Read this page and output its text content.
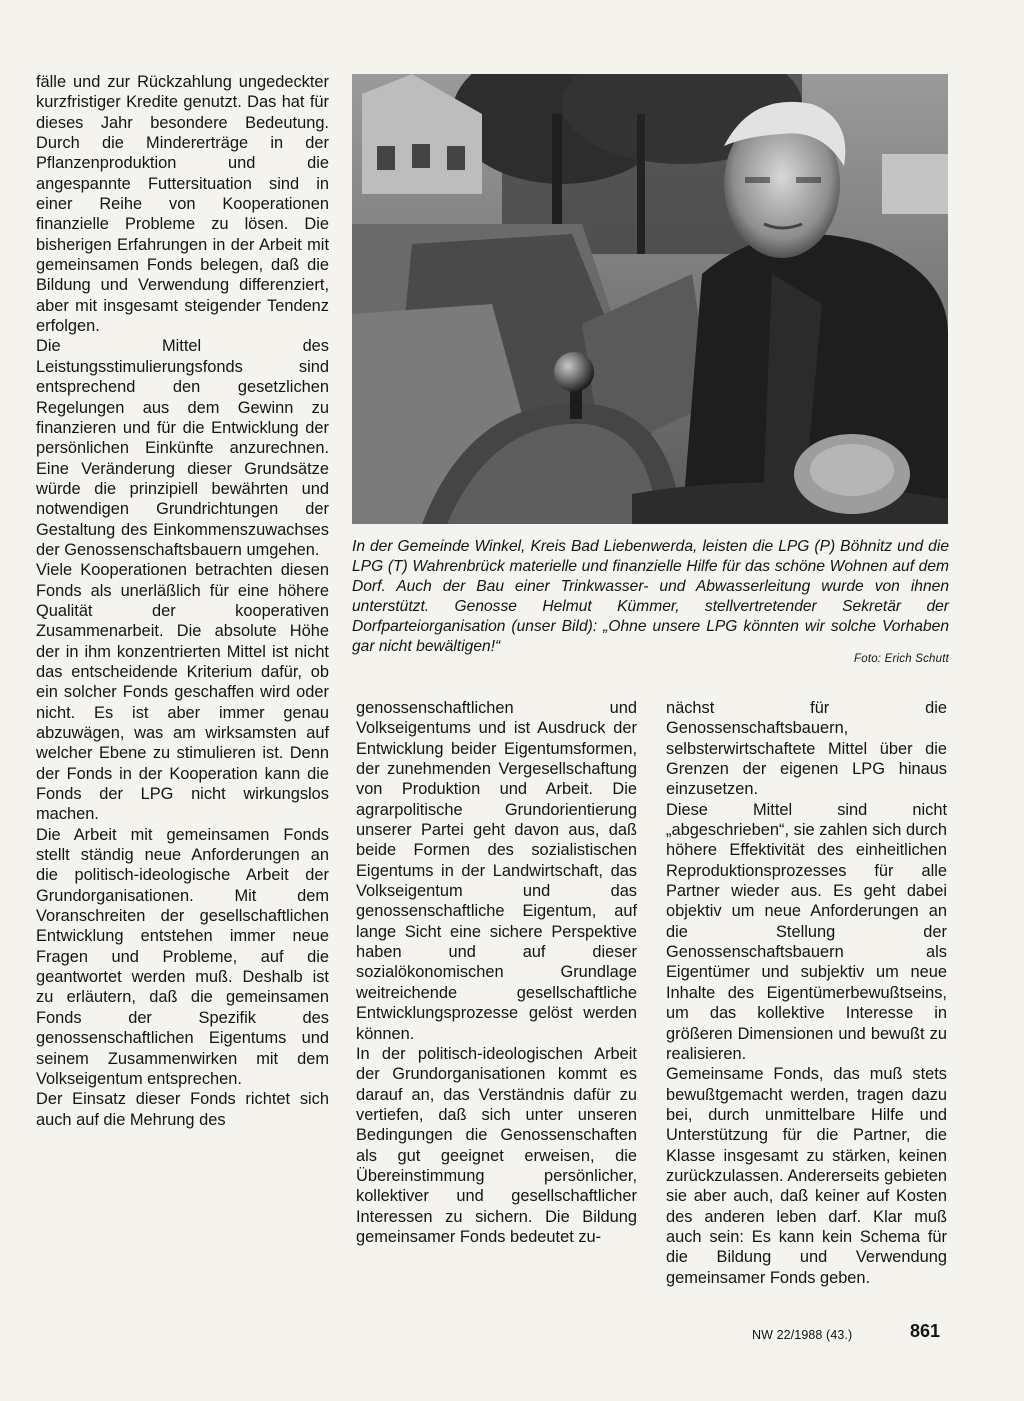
fälle und zur Rückzahlung ungedeckter kurzfristiger Kredite genutzt. Das hat für dieses Jahr besondere Bedeutung. Durch die Mindererträge in der Pflanzenproduktion und die angespannte Futtersituation sind in einer Reihe von Kooperationen finanzielle Probleme zu lösen. Die bisherigen Erfahrungen in der Arbeit mit gemeinsamen Fonds belegen, daß die Bildung und Verwendung differenziert, aber mit insgesamt steigender Tendenz erfolgen.

Die Mittel des Leistungsstimulierungsfonds sind entsprechend den gesetzlichen Regelungen aus dem Gewinn zu finanzieren und für die Entwicklung der persönlichen Einkünfte anzurechnen. Eine Veränderung dieser Grundsätze würde die prinzipiell bewährten und notwendigen Grundrichtungen der Gestaltung des Einkommenszuwachses der Genossenschaftsbauern umgehen.

Viele Kooperationen betrachten diesen Fonds als unerläßlich für eine höhere Qualität der kooperativen Zusammenarbeit. Die absolute Höhe der in ihm konzentrierten Mittel ist nicht das entscheidende Kriterium dafür, ob ein solcher Fonds geschaffen wird oder nicht. Es ist aber immer genau abzuwägen, was am wirksamsten auf welcher Ebene zu stimulieren ist. Denn der Fonds in der Kooperation kann die Fonds der LPG nicht wirkungslos machen.

Die Arbeit mit gemeinsamen Fonds stellt ständig neue Anforderungen an die politisch-ideologische Arbeit der Grundorganisationen. Mit dem Voranschreiten der gesellschaftlichen Entwicklung entstehen immer neue Fragen und Probleme, auf die geantwortet werden muß. Deshalb ist zu erläutern, daß die gemeinsamen Fonds der Spezifik des genossenschaftlichen Eigentums und seinem Zusammenwirken mit dem Volkseigentum entsprechen.

Der Einsatz dieser Fonds richtet sich auch auf die Mehrung des

In der Gemeinde Winkel, Kreis Bad Liebenwerda, leisten die LPG (P) Böhnitz und die LPG (T) Wahrenbrück materielle und finanzielle Hilfe für das schöne Wohnen auf dem Dorf. Auch der Bau einer Trinkwasser- und Abwasserleitung wurde von ihnen unterstützt. Genosse Helmut Kümmer, stellvertretender Sekretär der Dorfparteiorganisation (unser Bild): „Ohne unsere LPG könnten wir solche Vorhaben gar nicht bewältigen!“

Foto: Erich Schutt

genossenschaftlichen und Volkseigentums und ist Ausdruck der Entwicklung beider Eigentumsformen, der zunehmenden Vergesellschaftung von Produktion und Arbeit. Die agrarpolitische Grundorientierung unserer Partei geht davon aus, daß beide Formen des sozialistischen Eigentums in der Landwirtschaft, das Volkseigentum und das genossenschaftliche Eigentum, auf lange Sicht eine sichere Perspektive haben und auf dieser sozialökonomischen Grundlage weitreichende gesellschaftliche Entwicklungsprozesse gelöst werden können.

In der politisch-ideologischen Arbeit der Grundorganisationen kommt es darauf an, das Verständnis dafür zu vertiefen, daß sich unter unseren Bedingungen die Genossenschaften als gut geeignet erweisen, die Übereinstimmung persönlicher, kollektiver und gesellschaftlicher Interessen zu sichern. Die Bildung gemeinsamer Fonds bedeutet zu-

nächst für die Genossenschaftsbauern, selbsterwirtschaftete Mittel über die Grenzen der eigenen LPG hinaus einzusetzen.

Diese Mittel sind nicht „abgeschrieben“, sie zahlen sich durch höhere Effektivität des einheitlichen Reproduktionsprozesses für alle Partner wieder aus. Es geht dabei objektiv um neue Anforderungen an die Stellung der Genossenschaftsbauern als Eigentümer und subjektiv um neue Inhalte des Eigentümerbewußtseins, um das kollektive Interesse in größeren Dimensionen und bewußt zu realisieren.

Gemeinsame Fonds, das muß stets bewußtgemacht werden, tragen dazu bei, durch unmittelbare Hilfe und Unterstützung für die Partner, die Klasse insgesamt zu stärken, keinen zurückzulassen. Andererseits gebieten sie aber auch, daß keiner auf Kosten des anderen leben darf. Klar muß auch sein: Es kann kein Schema für die Bildung und Verwendung gemeinsamer Fonds geben.

NW 22/1988 (43.)	861
